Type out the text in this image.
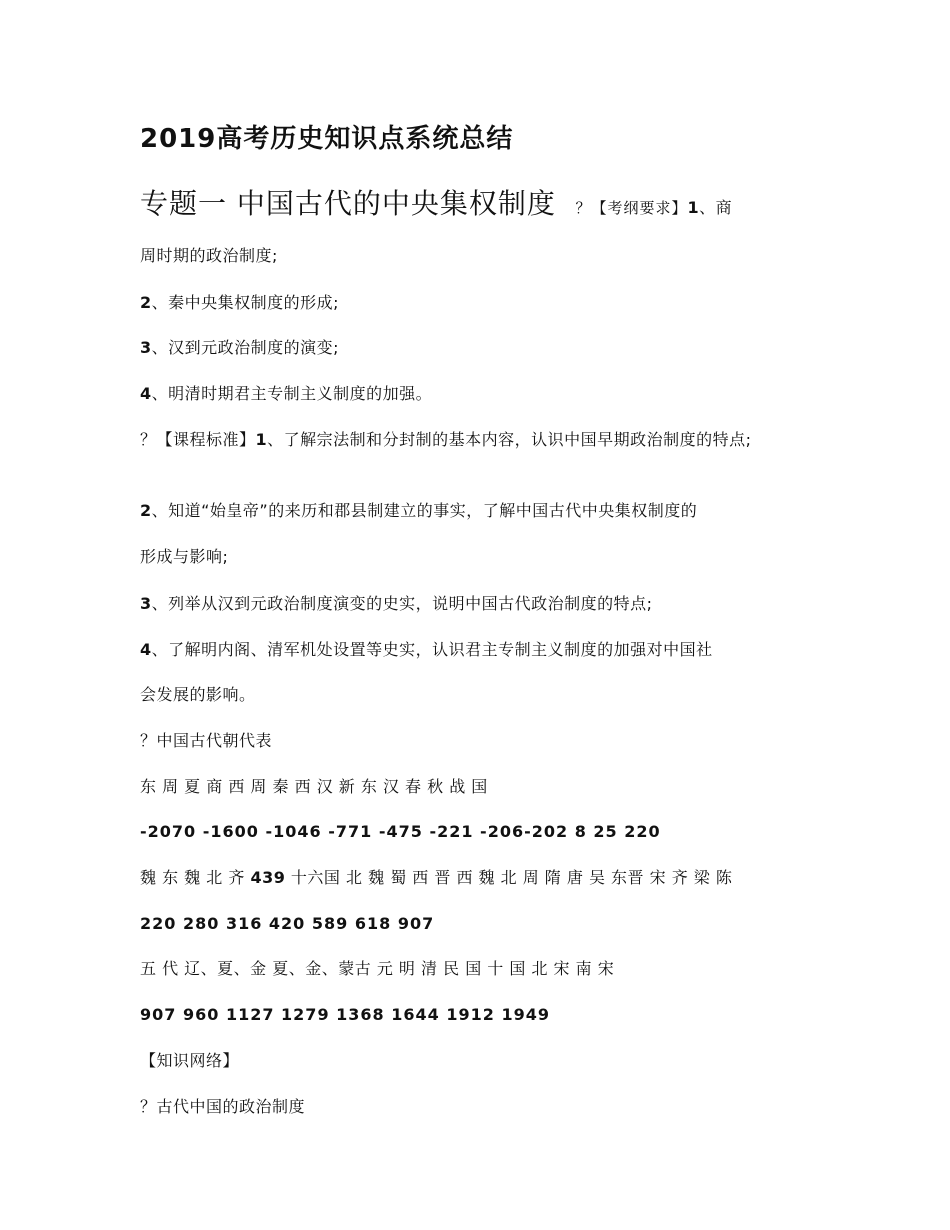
2019高考历史知识点系统总结
专题一 中国古代的中央集权制度 ？【考纲要求】1、商
周时期的政治制度;
2、秦中央集权制度的形成;
3、汉到元政治制度的演变;
4、明清时期君主专制主义制度的加强。
？【课程标准】1、了解宗法制和分封制的基本内容，认识中国早期政治制度的特点;
2、知道“始皇帝”的来历和郡县制建立的事实，了解中国古代中央集权制度的
形成与影响;
3、列举从汉到元政治制度演变的史实，说明中国古代政治制度的特点;
4、了解明内阁、清军机处设置等史实，认识君主专制主义制度的加强对中国社
会发展的影响。
？中国古代朝代表
东 周 夏 商 西 周 秦 西 汉 新 东 汉 春 秋 战 国
-2070 -1600 -1046 -771 -475 -221 -206-202 8 25 220
魏 东 魏 北 齐 439 十六国 北 魏 蜀 西 晋 西 魏 北 周 隋 唐 吴 东晋 宋 齐 梁 陈
220 280 316 420 589 618 907
五 代 辽、夏、金 夏、金、蒙古 元 明 清 民 国 十 国 北 宋 南 宋
907 960 1127 1279 1368 1644 1912 1949
【知识网络】
？古代中国的政治制度
